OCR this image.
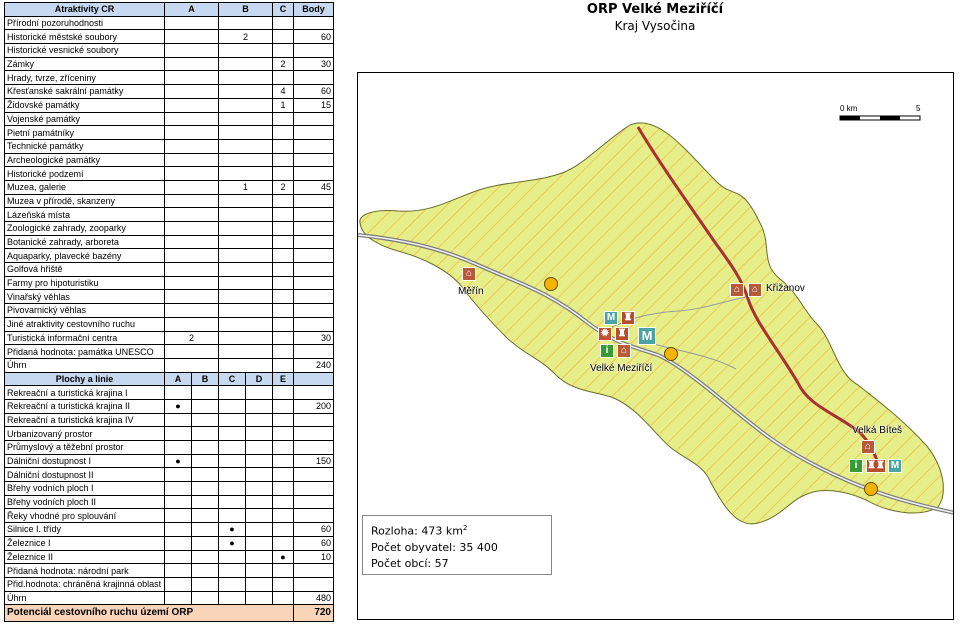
Atraktivity CR	A		B		C	Body
Přírodní pozoruhodnosti						
Historické městské soubory			2			60
Historické vesnické soubory						
Zámky					2	30
Hrady, tvrze, zříceniny						
Křesťanské sakrální památky					4	60
Židovské památky					1	15
Vojenské památky						
Pietní památníky						
Technické památky						
Archeologické památky						
Historické podzemí						
Muzea, galerie			1		2	45
Muzea v přírodě, skanzeny						
Lázeňská místa						
Zoologické zahrady, zooparky						
Botanické zahrady, arboreta						
Aquaparky, plavecké bazény						
Golfová hřiště						
Farmy pro hipoturistiku						
Vinařský věhlas						
Pivovarnický věhlas						
Jiné atraktivity cestovního ruchu						
Turistická informační centra	2					30
Přidaná hodnota: památka UNESCO						
Úhrn						240
Plochy a linie	A	B	C	D	E	
Rekreační a turistická krajina I						
Rekreační a turistická krajina II	●					200
Rekreační a turistická krajina IV						
Urbanizovaný prostor						
Průmyslový a těžební prostor						
Dálniční dostupnost I	●					150
Dálniční dostupnost II						
Břehy vodních ploch I						
Břehy vodních ploch II						
Řeky vhodné pro splouvání						
Silnice I. třídy			●			60
Železnice I			●			60
Železnice II					●	10
Přidaná hodnota: národní park						
Přid.hodnota: chráněná krajinná oblast						
Úhrn						480
Potenciál cestovního ruchu území ORP						720
ORP Velké Meziříčí
Kraj Vysočina
0 km	5
Měřín	Křižanov
Velké Meziříčí
Velká Bíteš
⌂
⌂	⌂
M ♜
✹ ♜ M
i	⌂
⌂
i ♜♜ M
Rozloha: 473 $km^2$
Počet obyvatel: 35 400
Počet obcí: 57
